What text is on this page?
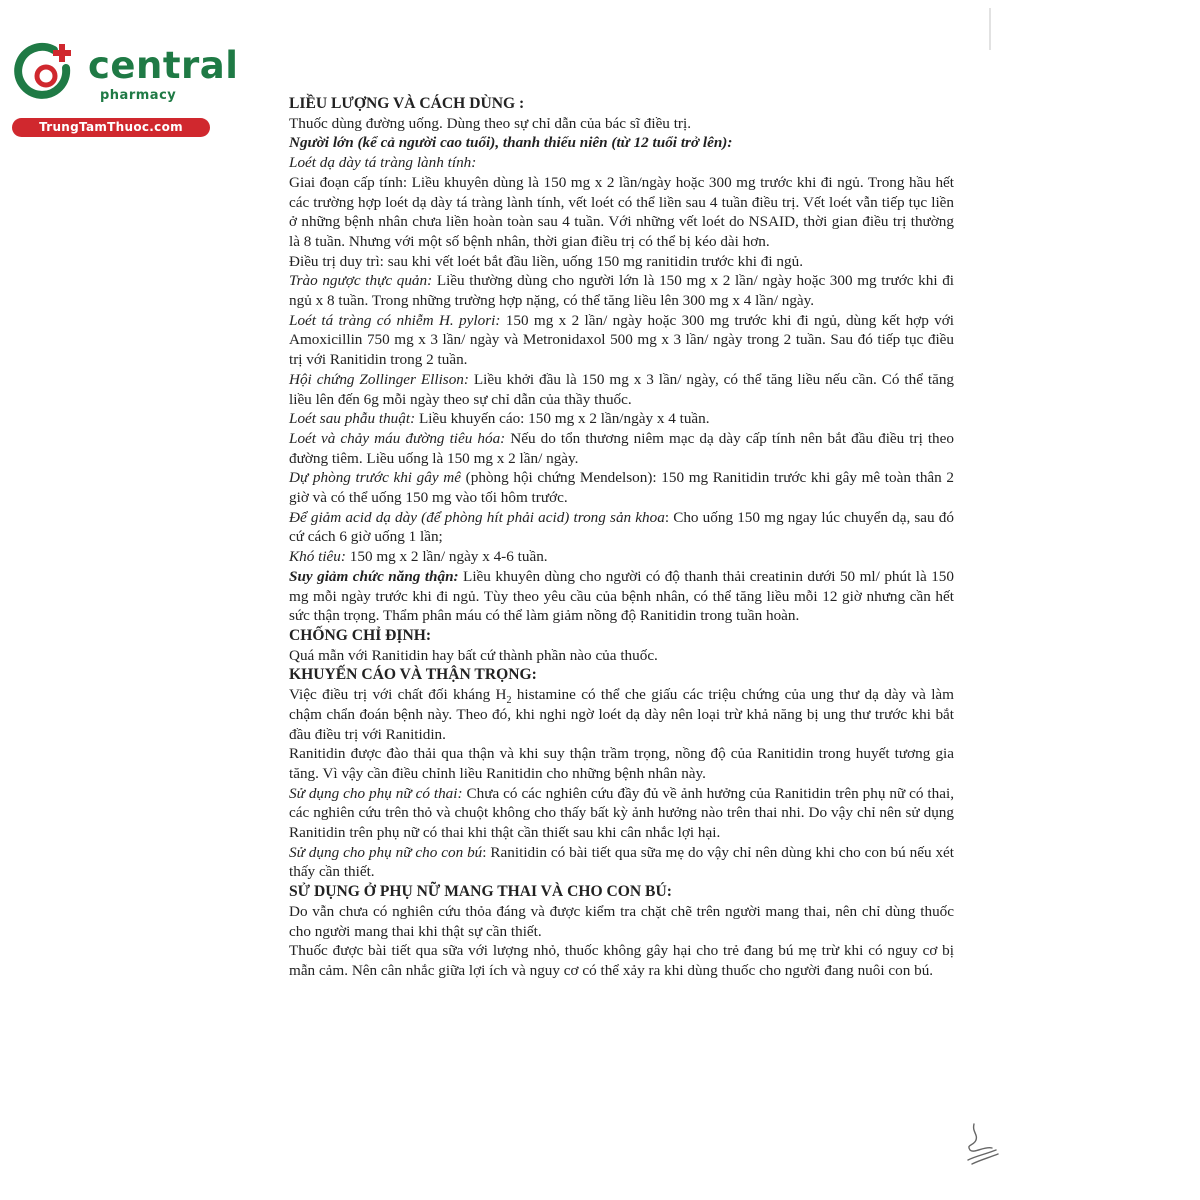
central
pharmacy
TrungTamThuoc.com

LIỀU LƯỢNG VÀ CÁCH DÙNG :

Thuốc dùng đường uống. Dùng theo sự chỉ dẫn của bác sĩ điều trị.

Người lớn (kể cả người cao tuổi), thanh thiếu niên (từ 12 tuổi trở lên):

Loét dạ dày tá tràng lành tính:

Giai đoạn cấp tính: Liều khuyên dùng là 150 mg x 2 lần/ngày hoặc 300 mg trước khi đi ngủ. Trong hầu hết các trường hợp loét dạ dày tá tràng lành tính, vết loét có thể liền sau 4 tuần điều trị. Vết loét vẫn tiếp tục liền ở những bệnh nhân chưa liền hoàn toàn sau 4 tuần. Với những vết loét do NSAID, thời gian điều trị thường là 8 tuần. Nhưng với một số bệnh nhân, thời gian điều trị có thể bị kéo dài hơn.

Điều trị duy trì: sau khi vết loét bắt đầu liền, uống 150 mg ranitidin trước khi đi ngủ.

Trào ngược thực quản: Liều thường dùng cho người lớn là 150 mg x 2 lần/ ngày hoặc 300 mg trước khi đi ngủ x 8 tuần. Trong những trường hợp nặng, có thể tăng liều lên 300 mg x 4 lần/ ngày.

Loét tá tràng có nhiễm H. pylori: 150 mg x 2 lần/ ngày hoặc 300 mg trước khi đi ngủ, dùng kết hợp với Amoxicillin 750 mg x 3 lần/ ngày và Metronidaxol 500 mg x 3 lần/ ngày trong 2 tuần. Sau đó tiếp tục điều trị với Ranitidin trong 2 tuần.

Hội chứng Zollinger Ellison: Liều khởi đầu là 150 mg x 3 lần/ ngày, có thể tăng liều nếu cần. Có thể tăng liều lên đến 6g mỗi ngày theo sự chỉ dẫn của thầy thuốc.

Loét sau phẫu thuật: Liều khuyến cáo: 150 mg x 2 lần/ngày x 4 tuần.

Loét và chảy máu đường tiêu hóa: Nếu do tổn thương niêm mạc dạ dày cấp tính nên bắt đầu điều trị theo đường tiêm. Liều uống là 150 mg x 2 lần/ ngày.

Dự phòng trước khi gây mê (phòng hội chứng Mendelson): 150 mg Ranitidin trước khi gây mê toàn thân 2 giờ và có thể uống 150 mg vào tối hôm trước.

Để giảm acid dạ dày (để phòng hít phải acid) trong sản khoa: Cho uống 150 mg ngay lúc chuyển dạ, sau đó cứ cách 6 giờ uống 1 lần;

Khó tiêu: 150 mg x 2 lần/ ngày x 4-6 tuần.

Suy giảm chức năng thận: Liều khuyên dùng cho người có độ thanh thải creatinin dưới 50 ml/ phút là 150 mg mỗi ngày trước khi đi ngủ. Tùy theo yêu cầu của bệnh nhân, có thể tăng liều mỗi 12 giờ nhưng cần hết sức thận trọng. Thẩm phân máu có thể làm giảm nồng độ Ranitidin trong tuần hoàn.

CHỐNG CHỈ ĐỊNH:

Quá mẫn với Ranitidin hay bất cứ thành phần nào của thuốc.

KHUYẾN CÁO VÀ THẬN TRỌNG:

Việc điều trị với chất đối kháng $H_2$ histamine có thể che giấu các triệu chứng của ung thư dạ dày và làm chậm chẩn đoán bệnh này. Theo đó, khi nghi ngờ loét dạ dày nên loại trừ khả năng bị ung thư trước khi bắt đầu điều trị với Ranitidin.

Ranitidin được đào thải qua thận và khi suy thận trầm trọng, nồng độ của Ranitidin trong huyết tương gia tăng. Vì vậy cần điều chỉnh liều Ranitidin cho những bệnh nhân này.

Sử dụng cho phụ nữ có thai: Chưa có các nghiên cứu đầy đủ về ảnh hưởng của Ranitidin trên phụ nữ có thai, các nghiên cứu trên thỏ và chuột không cho thấy bất kỳ ảnh hưởng nào trên thai nhi. Do vậy chỉ nên sử dụng Ranitidin trên phụ nữ có thai khi thật cần thiết sau khi cân nhắc lợi hại.

Sử dụng cho phụ nữ cho con bú: Ranitidin có bài tiết qua sữa mẹ do vậy chỉ nên dùng khi cho con bú nếu xét thấy cần thiết.

SỬ DỤNG Ở PHỤ NỮ MANG THAI VÀ CHO CON BÚ:

Do vẫn chưa có nghiên cứu thỏa đáng và được kiểm tra chặt chẽ trên người mang thai, nên chỉ dùng thuốc cho người mang thai khi thật sự cần thiết.

Thuốc được bài tiết qua sữa với lượng nhỏ, thuốc không gây hại cho trẻ đang bú mẹ trừ khi có nguy cơ bị mẫn cảm. Nên cân nhắc giữa lợi ích và nguy cơ có thể xảy ra khi dùng thuốc cho người đang nuôi con bú.
